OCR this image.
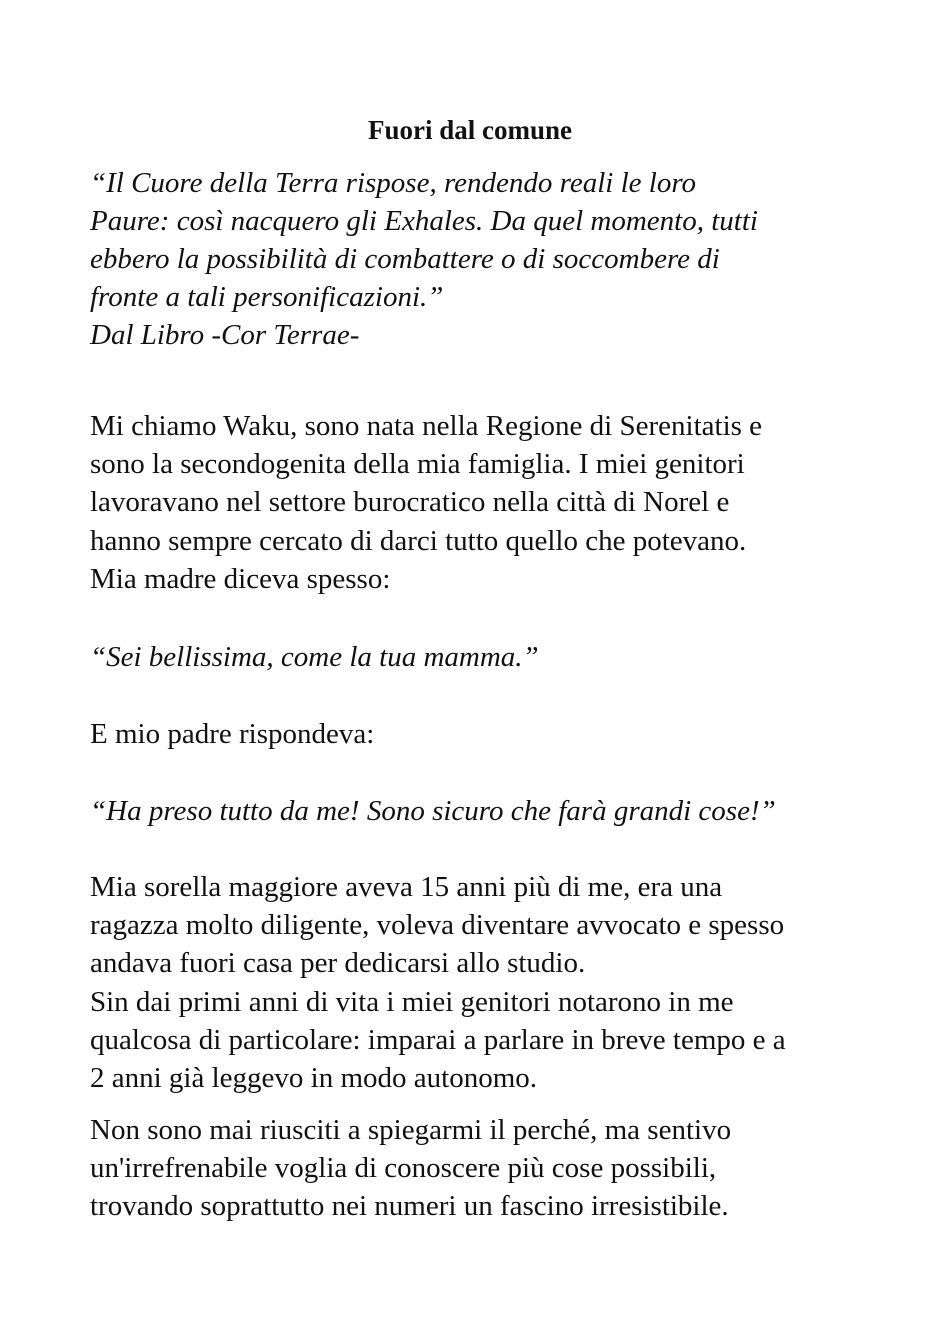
Fuori dal comune
“Il Cuore della Terra rispose, rendendo reali le loro
Paure: così nacquero gli Exhales. Da quel momento, tutti
ebbero la possibilità di combattere o di soccombere di
fronte a tali personificazioni.”
Dal Libro -Cor Terrae-
Mi chiamo Waku, sono nata nella Regione di Serenitatis e
sono la secondogenita della mia famiglia. I miei genitori
lavoravano nel settore burocratico nella città di Norel e
hanno sempre cercato di darci tutto quello che potevano.
Mia madre diceva spesso:
“Sei bellissima, come la tua mamma.”
E mio padre rispondeva:
“Ha preso tutto da me! Sono sicuro che farà grandi cose!”
Mia sorella maggiore aveva 15 anni più di me, era una
ragazza molto diligente, voleva diventare avvocato e spesso
andava fuori casa per dedicarsi allo studio.
Sin dai primi anni di vita i miei genitori notarono in me
qualcosa di particolare: imparai a parlare in breve tempo e a
2 anni già leggevo in modo autonomo.
Non sono mai riusciti a spiegarmi il perché, ma sentivo
un'irrefrenabile voglia di conoscere più cose possibili,
trovando soprattutto nei numeri un fascino irresistibile.
